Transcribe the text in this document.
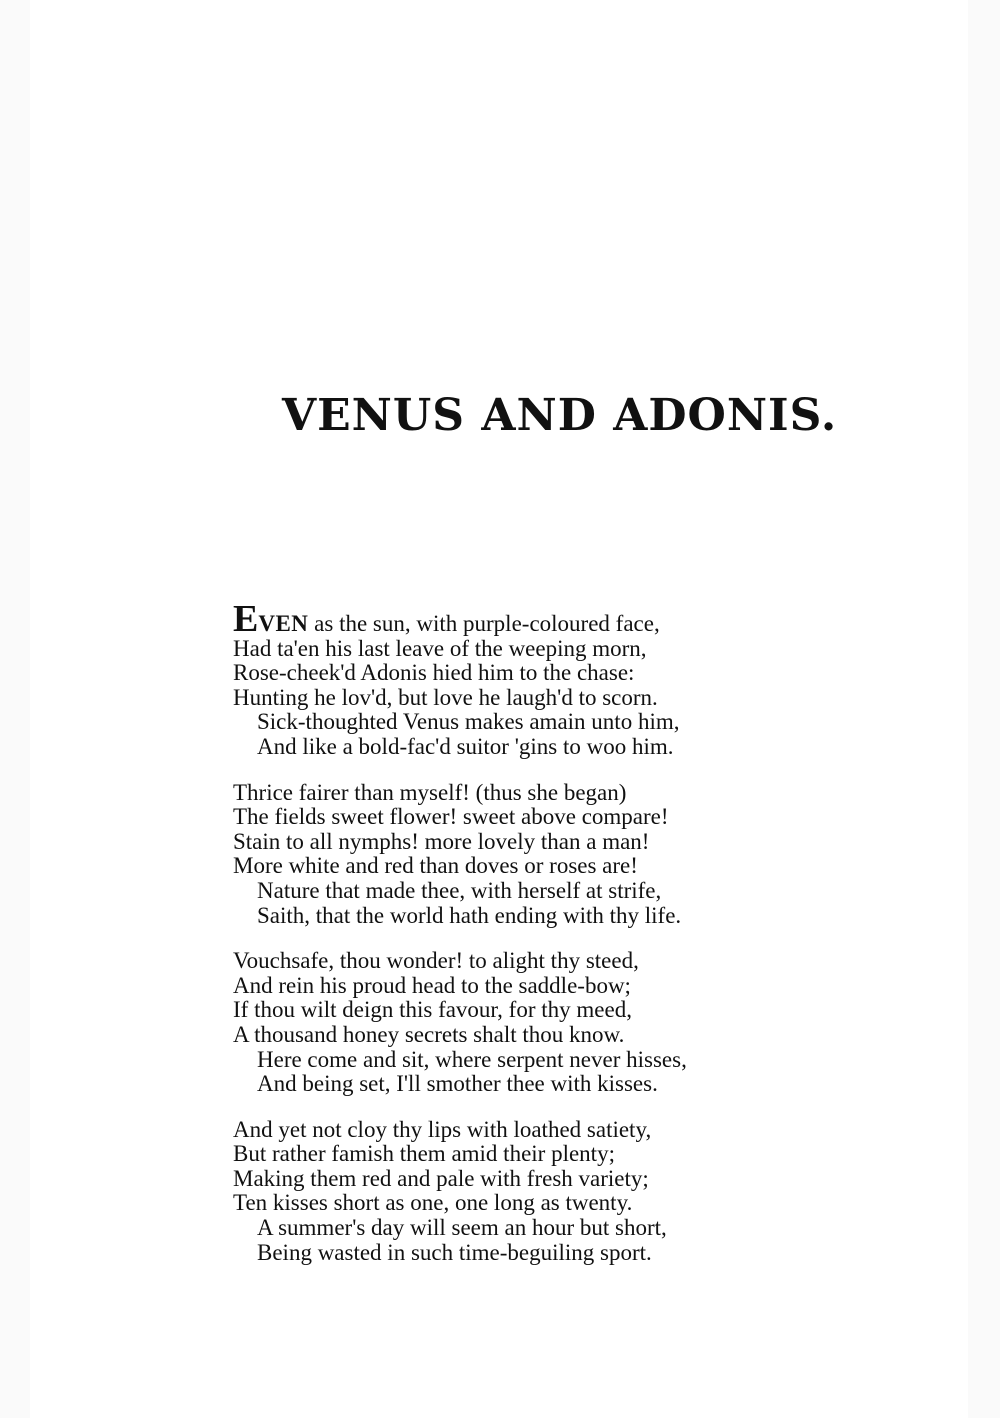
VENUS AND ADONIS.
EVEN as the sun, with purple-coloured face,
Had ta'en his last leave of the weeping morn,
Rose-cheek'd Adonis hied him to the chase:
Hunting he lov'd, but love he laugh'd to scorn.
Sick-thoughted Venus makes amain unto him,
And like a bold-fac'd suitor 'gins to woo him.
Thrice fairer than myself! (thus she began)
The fields sweet flower! sweet above compare!
Stain to all nymphs! more lovely than a man!
More white and red than doves or roses are!
Nature that made thee, with herself at strife,
Saith, that the world hath ending with thy life.
Vouchsafe, thou wonder! to alight thy steed,
And rein his proud head to the saddle-bow;
If thou wilt deign this favour, for thy meed,
A thousand honey secrets shalt thou know.
Here come and sit, where serpent never hisses,
And being set, I'll smother thee with kisses.
And yet not cloy thy lips with loathed satiety,
But rather famish them amid their plenty;
Making them red and pale with fresh variety;
Ten kisses short as one, one long as twenty.
A summer's day will seem an hour but short,
Being wasted in such time-beguiling sport.
